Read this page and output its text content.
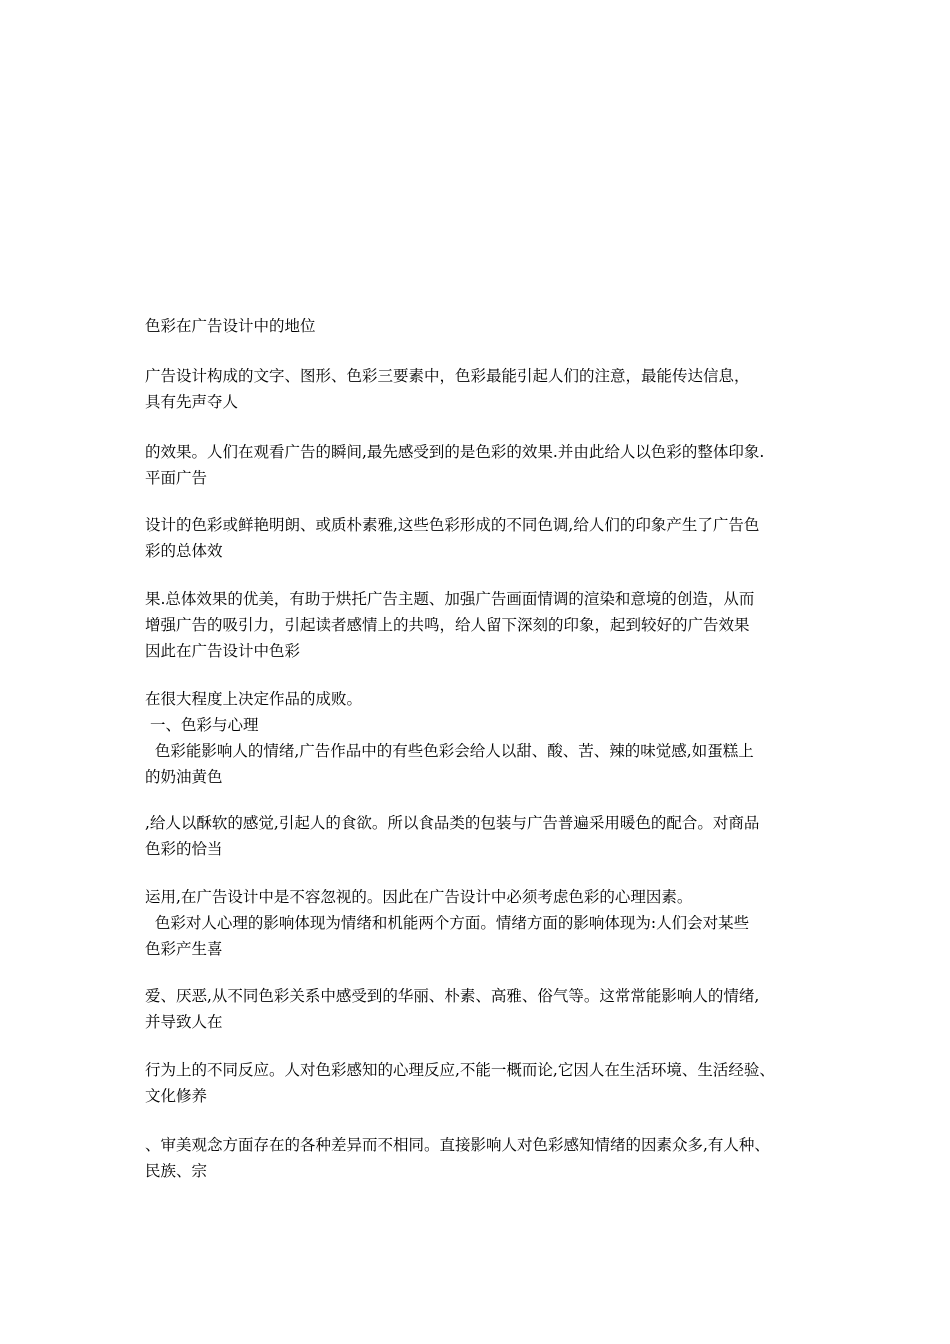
色彩在广告设计中的地位
广告设计构成的文字、图形、色彩三要素中，色彩最能引起人们的注意，最能传达信息，
具有先声夺人
的效果。人们在观看广告的瞬间,最先感受到的是色彩的效果.并由此给人以色彩的整体印象.
平面广告
设计的色彩或鲜艳明朗、或质朴素雅,这些色彩形成的不同色调,给人们的印象产生了广告色
彩的总体效
果.总体效果的优美，有助于烘托广告主题、加强广告画面情调的渲染和意境的创造，从而
增强广告的吸引力，引起读者感情上的共鸣，给人留下深刻的印象，起到较好的广告效果
因此在广告设计中色彩
在很大程度上决定作品的成败。
一、色彩与心理
色彩能影响人的情绪,广告作品中的有些色彩会给人以甜、酸、苦、辣的味觉感,如蛋糕上
的奶油黄色
,给人以酥软的感觉,引起人的食欲。所以食品类的包装与广告普遍采用暖色的配合。对商品
色彩的恰当
运用,在广告设计中是不容忽视的。因此在广告设计中必须考虑色彩的心理因素。
色彩对人心理的影响体现为情绪和机能两个方面。情绪方面的影响体现为:人们会对某些
色彩产生喜
爱、厌恶,从不同色彩关系中感受到的华丽、朴素、高雅、俗气等。这常常能影响人的情绪,
并导致人在
行为上的不同反应。人对色彩感知的心理反应,不能一概而论,它因人在生活环境、生活经验、
文化修养
、审美观念方面存在的各种差异而不相同。直接影响人对色彩感知情绪的因素众多,有人种、
民族、宗
